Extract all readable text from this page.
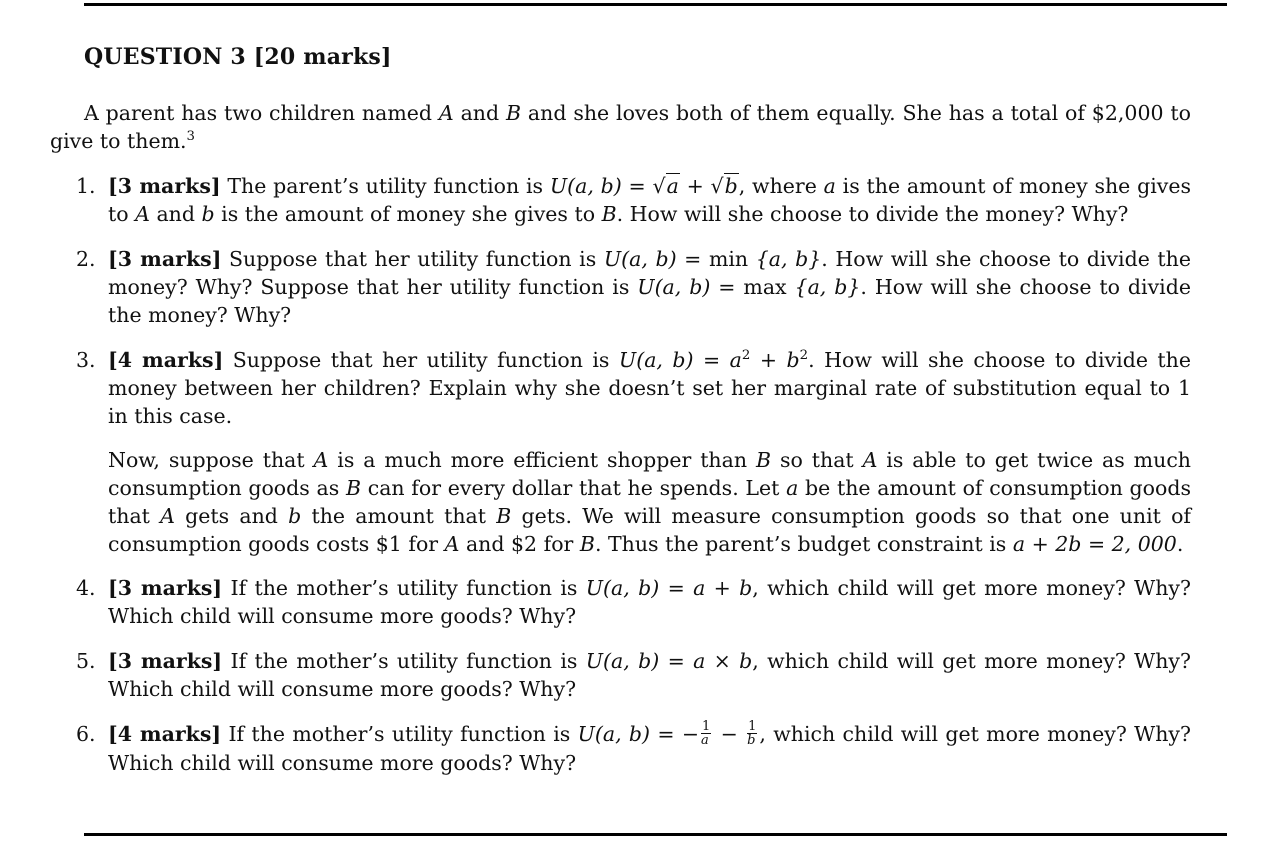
QUESTION 3 [20 marks]
A parent has two children named A and B and she loves both of them equally. She has a total of $2,000 to give to them.$^3$
1. [3 marks] The parent’s utility function is U(a, b) = √a + √b, where a is the amount of money she gives to A and b is the amount of money she gives to B. How will she choose to divide the money? Why?
2. [3 marks] Suppose that her utility function is U(a, b) = min {a, b}. How will she choose to divide the money? Why? Suppose that her utility function is U(a, b) = max {a, b}. How will she choose to divide the money? Why?
3. [4 marks] Suppose that her utility function is U(a, $b) = a^2 + b^2$. How will she choose to divide the money between her children? Explain why she doesn’t set her marginal rate of substitution equal to 1 in this case.
Now, suppose that A is a much more efficient shopper than B so that A is able to get twice as much consumption goods as B can for every dollar that he spends. Let a be the amount of consumption goods that A gets and b the amount that B gets. We will measure consumption goods so that one unit of consumption goods costs $1 for A and $2 for B. Thus the parent’s budget constraint is a + 2b = 2, 000.
4. [3 marks] If the mother’s utility function is U(a, b) = a + b, which child will get more money? Why? Which child will consume more goods? Why?
5. [3 marks] If the mother’s utility function is U(a, b) = a × b, which child will get more money? Why? Which child will consume more goods? Why?
6. [4 marks] If the mother’s utility function is U(a, b) = − $\frac{1}{a} - \frac{1}{b}$ , which child will get more money? Why? Which child will consume more goods? Why?
